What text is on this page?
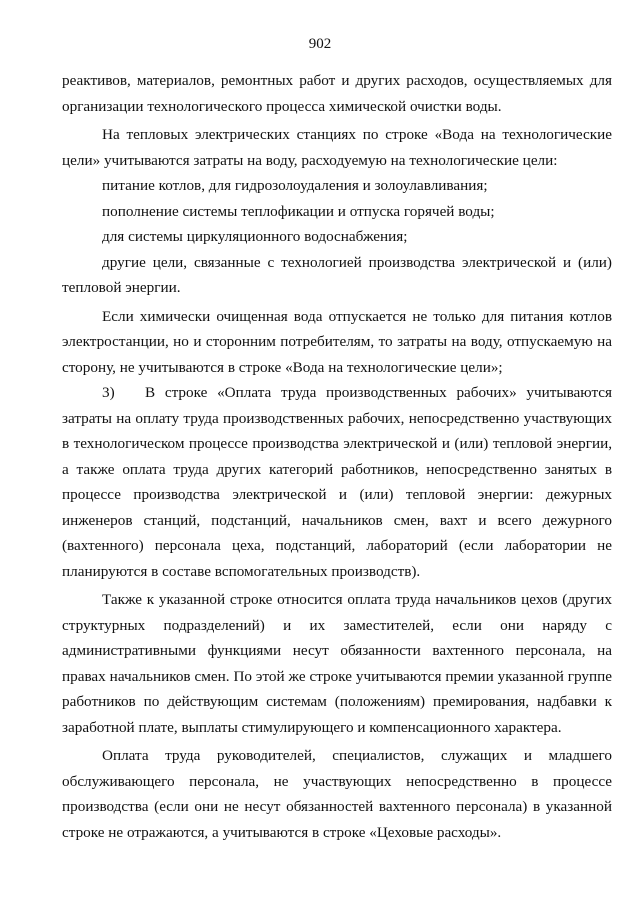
902

реактивов, материалов, ремонтных работ и других расходов, осуществляемых для организации технологического процесса химической очистки воды.

На тепловых электрических станциях по строке «Вода на технологические цели» учитываются затраты на воду, расходуемую на технологические цели:

питание котлов, для гидрозолоудаления и золоулавливания;

пополнение системы теплофикации и отпуска горячей воды;

для системы циркуляционного водоснабжения;

другие цели, связанные с технологией производства электрической и (или) тепловой энергии.

Если химически очищенная вода отпускается не только для питания котлов электростанции, но и сторонним потребителям, то затраты на воду, отпускаемую на сторону, не учитываются в строке «Вода на технологические цели»;

3) В строке «Оплата труда производственных рабочих» учитываются затраты на оплату труда производственных рабочих, непосредственно участвующих в технологическом процессе производства электрической и (или) тепловой энергии, а также оплата труда других категорий работников, непосредственно занятых в процессе производства электрической и (или) тепловой энергии: дежурных инженеров станций, подстанций, начальников смен, вахт и всего дежурного (вахтенного) персонала цеха, подстанций, лабораторий (если лаборатории не планируются в составе вспомогательных производств).

Также к указанной строке относится оплата труда начальников цехов (других структурных подразделений) и их заместителей, если они наряду с административными функциями несут обязанности вахтенного персонала, на правах начальников смен. По этой же строке учитываются премии указанной группе работников по действующим системам (положениям) премирования, надбавки к заработной плате, выплаты стимулирующего и компенсационного характера.

Оплата труда руководителей, специалистов, служащих и младшего обслуживающего персонала, не участвующих непосредственно в процессе производства (если они не несут обязанностей вахтенного персонала) в указанной строке не отражаются, а учитываются в строке «Цеховые расходы».
